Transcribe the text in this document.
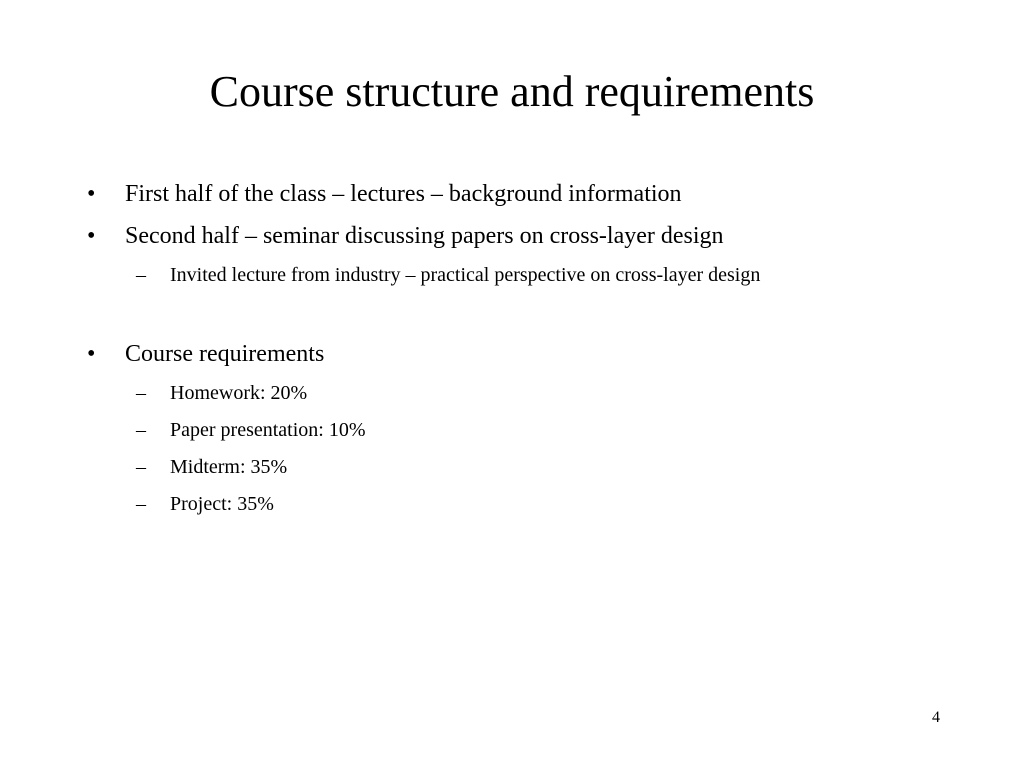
Course structure and requirements
• First half of the class – lectures – background information
• Second half – seminar discussing papers on cross-layer design
– Invited lecture from industry – practical perspective on cross-layer design
• Course requirements
– Homework: 20%
– Paper presentation: 10%
– Midterm: 35%
– Project: 35%
4
